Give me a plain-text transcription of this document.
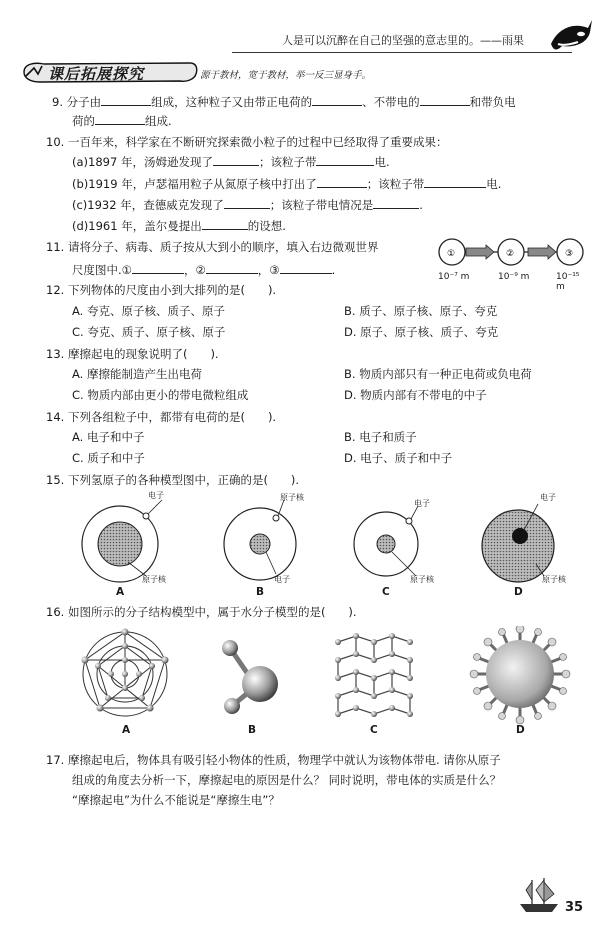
人是可以沉醉在自己的坚强的意志里的。——雨果
课后拓展探究	源于教材，宽于教材，举一反三显身手。
9. 分子由	组成，这种粒子又由带正电荷的	、不带电的	和带负电
荷的	组成.
10. 一百年来，科学家在不断研究探索微小粒子的过程中已经取得了重要成果：
(a)1897 年，汤姆逊发现了	；该粒子带	电.
(b)1919 年，卢瑟福用粒子从氮原子核中打出了	；该粒子带	电.
(c)1932 年，查德威克发现了	；该粒子带电情况是	.
(d)1961 年，盖尔曼提出	的设想.
11. 请将分子、病毒、质子按从大到小的顺序，填入右边微观世界
尺度图中.①	，②	，③	.
①	②	③
10⁻⁷ m	10⁻⁹ m	10⁻¹⁵ m
12. 下列物体的尺度由小到大排列的是(　　).
A. 夸克、原子核、质子、原子	B. 质子、原子核、原子、夸克
C. 夸克、质子、原子核、原子	D. 原子、原子核、质子、夸克
13. 摩擦起电的现象说明了(　　).
A. 摩擦能制造产生出电荷	B. 物质内部只有一种正电荷或负电荷
C. 物质内部由更小的带电微粒组成	D. 物质内部有不带电的中子
14. 下列各组粒子中，都带有电荷的是(　　).
A. 电子和中子	B. 电子和质子
C. 质子和中子	D. 电子、质子和中子
15. 下列氢原子的各种模型图中，正确的是(　　).
电子
原子核
A
原子核
电子
B
电子
原子核
C
电子
原子核
D
16. 如图所示的分子结构模型中，属于水分子模型的是(　　).
A	B	C	D
17. 摩擦起电后，物体具有吸引轻小物体的性质，物理学中就认为该物体带电. 请你从原子
组成的角度去分析一下，摩擦起电的原因是什么？ 同时说明，带电体的实质是什么？
“摩擦起电”为什么不能说是“摩擦生电”？
35
